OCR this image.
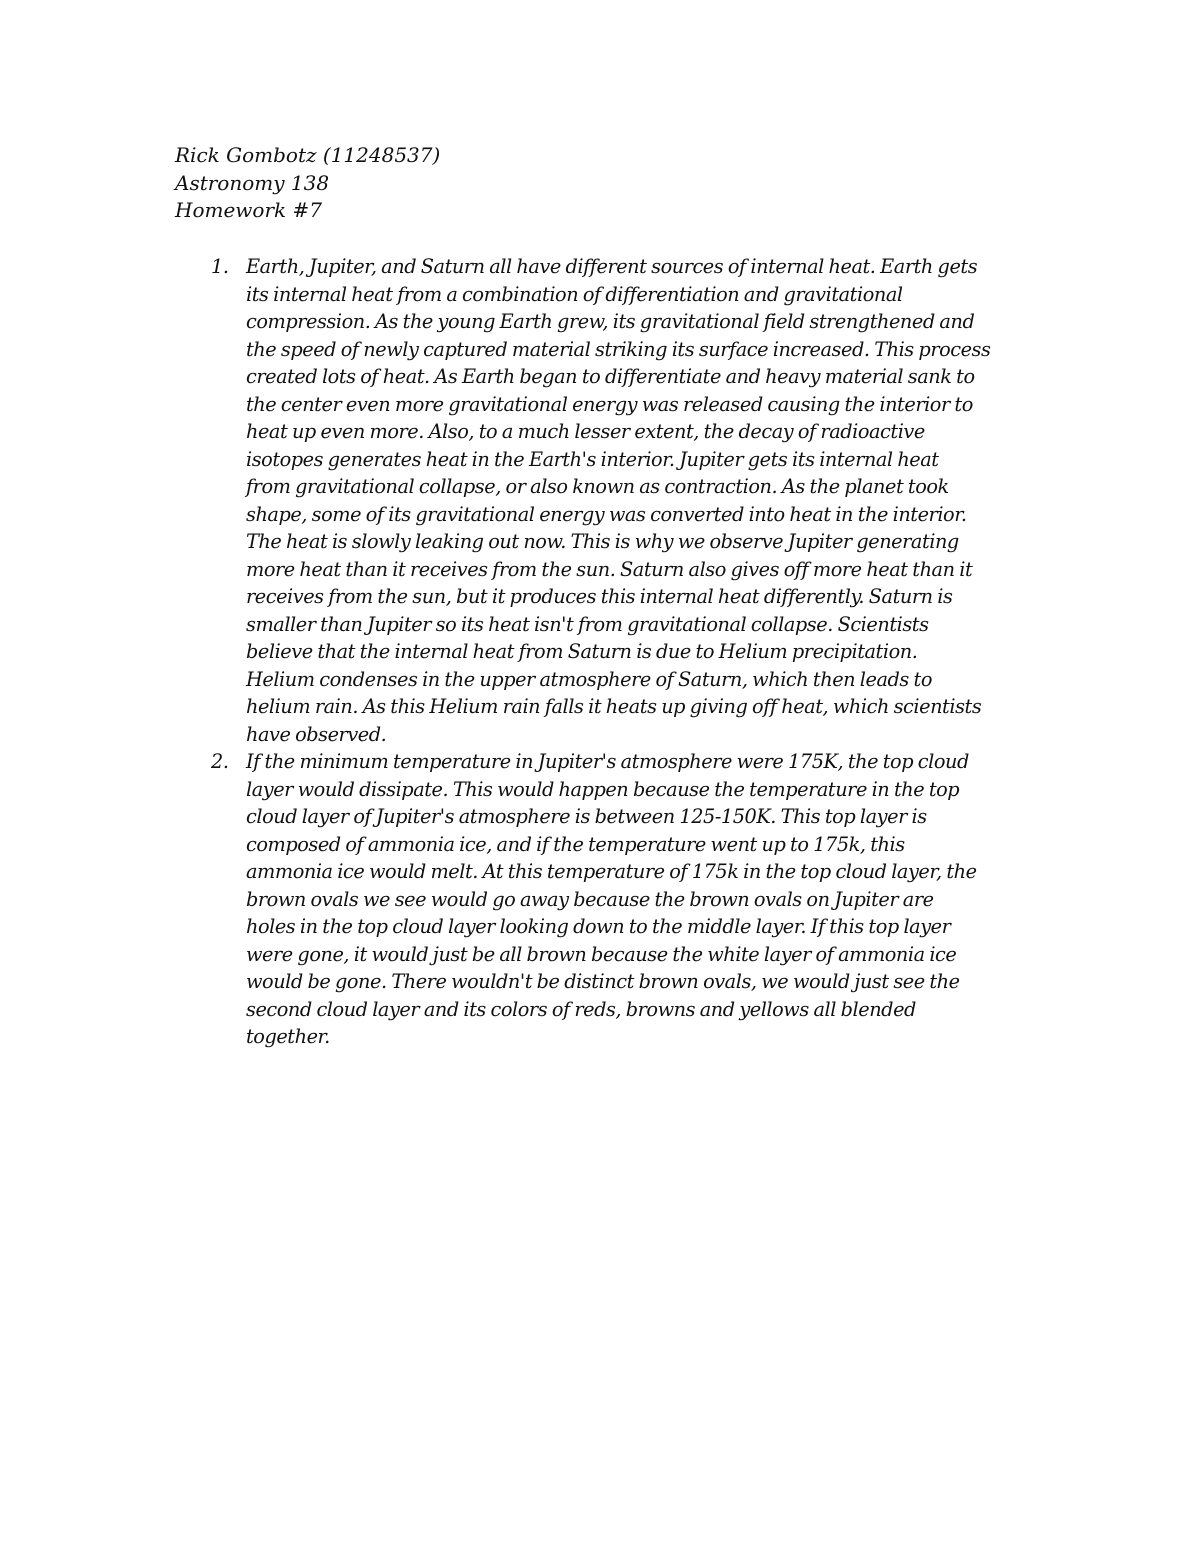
Rick Gombotz (11248537)
Astronomy 138
Homework #7
1. Earth, Jupiter, and Saturn all have different sources of internal heat. Earth gets
its internal heat from a combination of differentiation and gravitational
compression. As the young Earth grew, its gravitational field strengthened and
the speed of newly captured material striking its surface increased. This process
created lots of heat. As Earth began to differentiate and heavy material sank to
the center even more gravitational energy was released causing the interior to
heat up even more. Also, to a much lesser extent, the decay of radioactive
isotopes generates heat in the Earth's interior. Jupiter gets its internal heat
from gravitational collapse, or also known as contraction. As the planet took
shape, some of its gravitational energy was converted into heat in the interior.
The heat is slowly leaking out now. This is why we observe Jupiter generating
more heat than it receives from the sun. Saturn also gives off more heat than it
receives from the sun, but it produces this internal heat differently. Saturn is
smaller than Jupiter so its heat isn't from gravitational collapse. Scientists
believe that the internal heat from Saturn is due to Helium precipitation.
Helium condenses in the upper atmosphere of Saturn, which then leads to
helium rain. As this Helium rain falls it heats up giving off heat, which scientists
have observed.
2. If the minimum temperature in Jupiter's atmosphere were 175K, the top cloud
layer would dissipate. This would happen because the temperature in the top
cloud layer of Jupiter's atmosphere is between 125-150K. This top layer is
composed of ammonia ice, and if the temperature went up to 175k, this
ammonia ice would melt. At this temperature of 175k in the top cloud layer, the
brown ovals we see would go away because the brown ovals on Jupiter are
holes in the top cloud layer looking down to the middle layer. If this top layer
were gone, it would just be all brown because the white layer of ammonia ice
would be gone. There wouldn't be distinct brown ovals, we would just see the
second cloud layer and its colors of reds, browns and yellows all blended
together.
